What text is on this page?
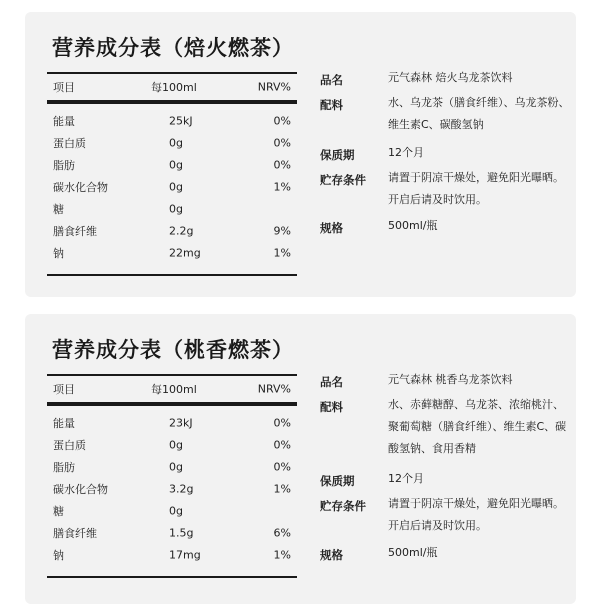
营养成分表（焙火燃茶）
项目	每100ml	NRV%
能量	25kJ	0%
蛋白质	0g	0%
脂肪	0g	0%
碳水化合物	0g	1%
糖	0g
膳食纤维	2.2g	9%
钠	22mg	1%
品名	元气森林 焙火乌龙茶饮料
配料	水、乌龙茶（膳食纤维）、乌龙茶粉、维生素C、碳酸氢钠
保质期	12个月
贮存条件 请置于阴凉干燥处，避免阳光曝晒。开启后请及时饮用。
规格	500ml/瓶
营养成分表（桃香燃茶）
项目	每100ml	NRV%
能量	23kJ	0%
蛋白质	0g	0%
脂肪	0g	0%
碳水化合物	3.2g	1%
糖	0g
膳食纤维	1.5g	6%
钠	17mg	1%
品名	元气森林 桃香乌龙茶饮料
配料	水、赤藓糖醇、乌龙茶、浓缩桃汁、聚葡萄糖（膳食纤维）、维生素C、碳酸氢钠、食用香精
保质期	12个月
贮存条件 请置于阴凉干燥处，避免阳光曝晒。开启后请及时饮用。
规格	500ml/瓶
